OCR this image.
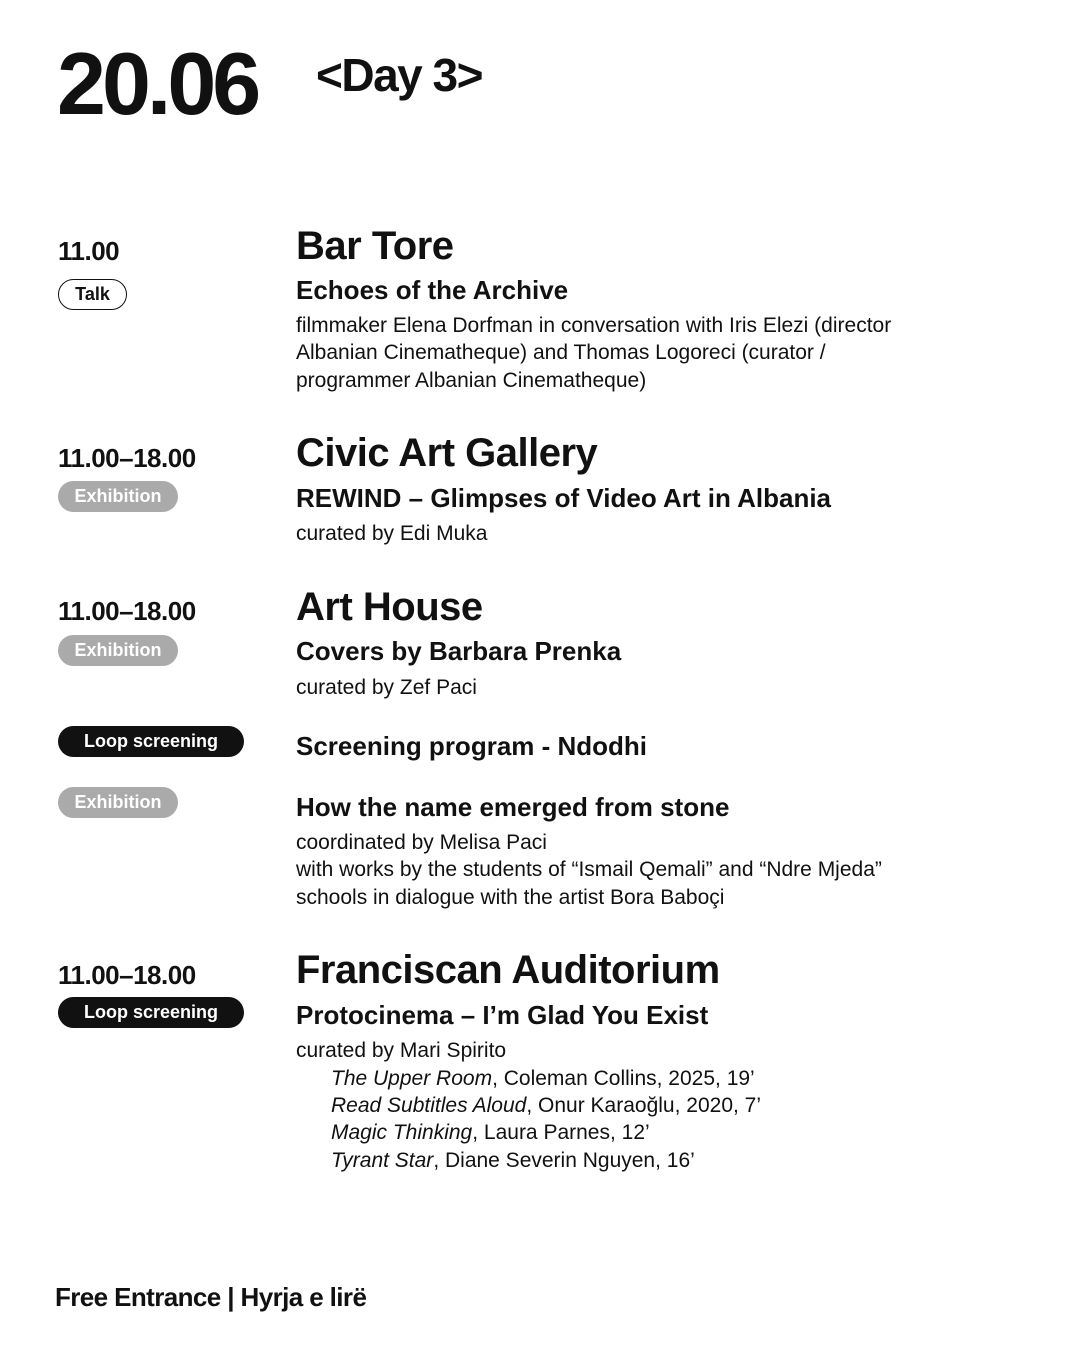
20.06 <Day 3>
11.00
Talk
Bar Tore
Echoes of the Archive
filmmaker Elena Dorfman in conversation with Iris Elezi (director
Albanian Cinematheque) and Thomas Logoreci (curator /
programmer Albanian Cinematheque)
11.00–18.00
Exhibition
Civic Art Gallery
REWIND – Glimpses of Video Art in Albania
curated by Edi Muka
11.00–18.00
Exhibition
Art House
Covers by Barbara Prenka
curated by Zef Paci
Loop screening	Screening program - Ndodhi
Exhibition	How the name emerged from stone
coordinated by Melisa Paci
with works by the students of “Ismail Qemali” and “Ndre Mjeda”
schools in dialogue with the artist Bora Baboçi
11.00–18.00
Loop screening
Franciscan Auditorium
Protocinema – I’m Glad You Exist
curated by Mari Spirito
The Upper Room, Coleman Collins, 2025, 19’
Read Subtitles Aloud, Onur Karaoğlu, 2020, 7’
Magic Thinking, Laura Parnes, 12’
Tyrant Star, Diane Severin Nguyen, 16’
Free Entrance | Hyrja e lirë
